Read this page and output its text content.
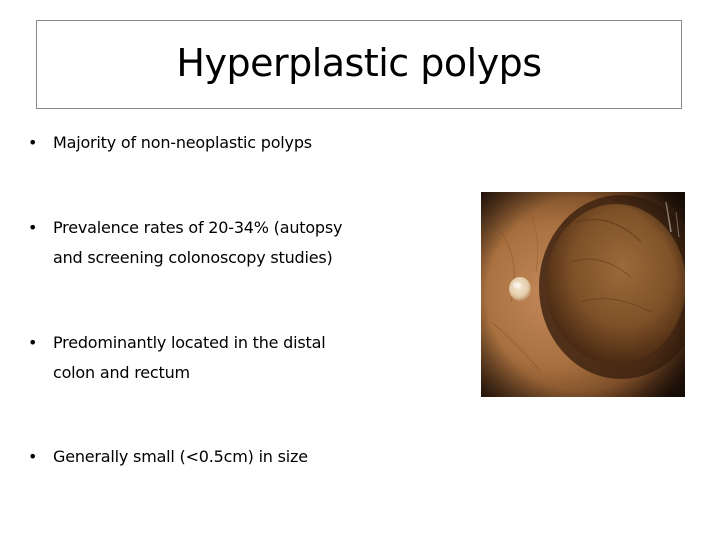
Hyperplastic polyps
• Majority of non-neoplastic polyps
• Prevalence rates of 20-34% (autopsy
and screening colonoscopy studies)
• Predominantly located in the distal
colon and rectum
• Generally small (<0.5cm) in size
